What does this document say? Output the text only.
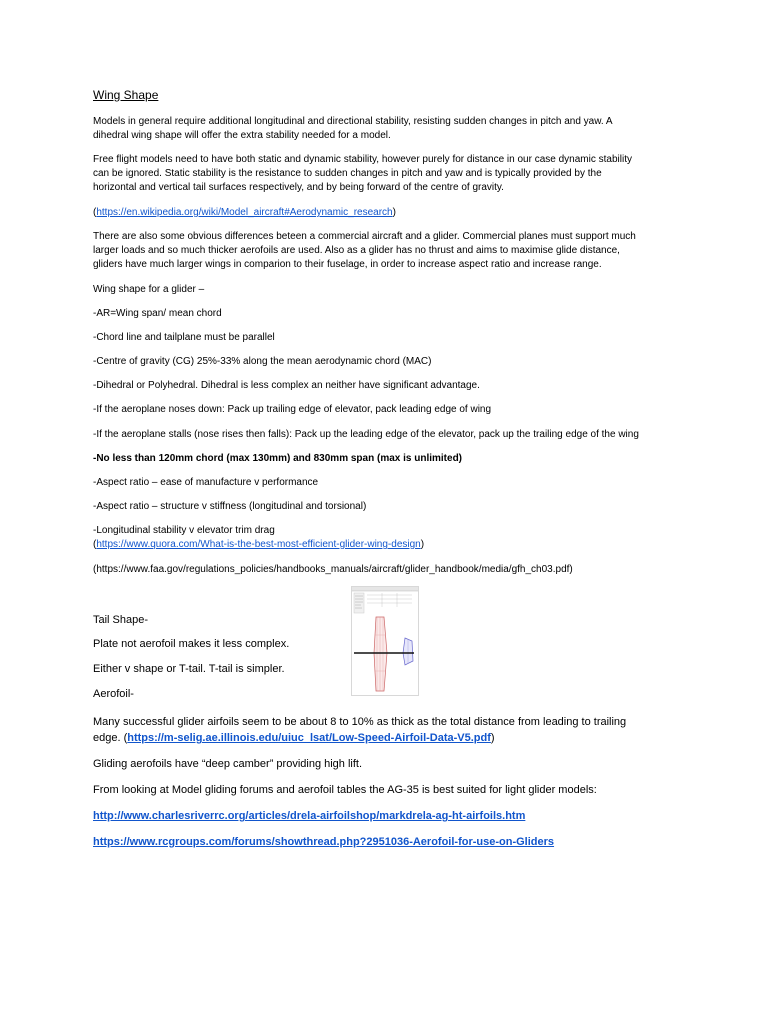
Wing Shape
Models in general require additional longitudinal and directional stability, resisting sudden changes in pitch and yaw. A
dihedral wing shape will offer the extra stability needed for a model.
Free flight models need to have both static and dynamic stability, however purely for distance in our case dynamic stability
can be ignored. Static stability is the resistance to sudden changes in pitch and yaw and is typically provided by the
horizontal and vertical tail surfaces respectively, and by being forward of the centre of gravity.
(https://en.wikipedia.org/wiki/Model_aircraft#Aerodynamic_research)
There are also some obvious differences beteen a commercial aircraft and a glider. Commercial planes must support much
larger loads and so much thicker aerofoils are used. Also as a glider has no thrust and aims to maximise glide distance,
gliders have much larger wings in comparion to their fuselage, in order to increase aspect ratio and increase range.
Wing shape for a glider –
-AR=Wing span/ mean chord
-Chord line and tailplane must be parallel
-Centre of gravity (CG) 25%-33% along the mean aerodynamic chord (MAC)
-Dihedral or Polyhedral. Dihedral is less complex an neither have significant advantage.
-If the aeroplane noses down: Pack up trailing edge of elevator, pack leading edge of wing
-If the aeroplane stalls (nose rises then falls): Pack up the leading edge of the elevator, pack up the trailing edge of the wing
-No less than 120mm chord (max 130mm) and 830mm span (max is unlimited)
-Aspect ratio – ease of manufacture v performance
-Aspect ratio – structure v stiffness (longitudinal and torsional)
-Longitudinal stability v elevator trim drag
(https://www.quora.com/What-is-the-best-most-efficient-glider-wing-design)
(https://www.faa.gov/regulations_policies/handbooks_manuals/aircraft/glider_handbook/media/gfh_ch03.pdf)
Tail Shape-
Plate not aerofoil makes it less complex.
Either v shape or T-tail. T-tail is simpler.
Aerofoil-
Many successful glider airfoils seem to be about 8 to 10% as thick as the total distance from leading to trailing
edge. (https://m-selig.ae.illinois.edu/uiuc_lsat/Low-Speed-Airfoil-Data-V5.pdf)
Gliding aerofoils have “deep camber” providing high lift.
From looking at Model gliding forums and aerofoil tables the AG-35 is best suited for light glider models:
http://www.charlesriverrc.org/articles/drela-airfoilshop/markdrela-ag-ht-airfoils.htm
https://www.rcgroups.com/forums/showthread.php?2951036-Aerofoil-for-use-on-Gliders
